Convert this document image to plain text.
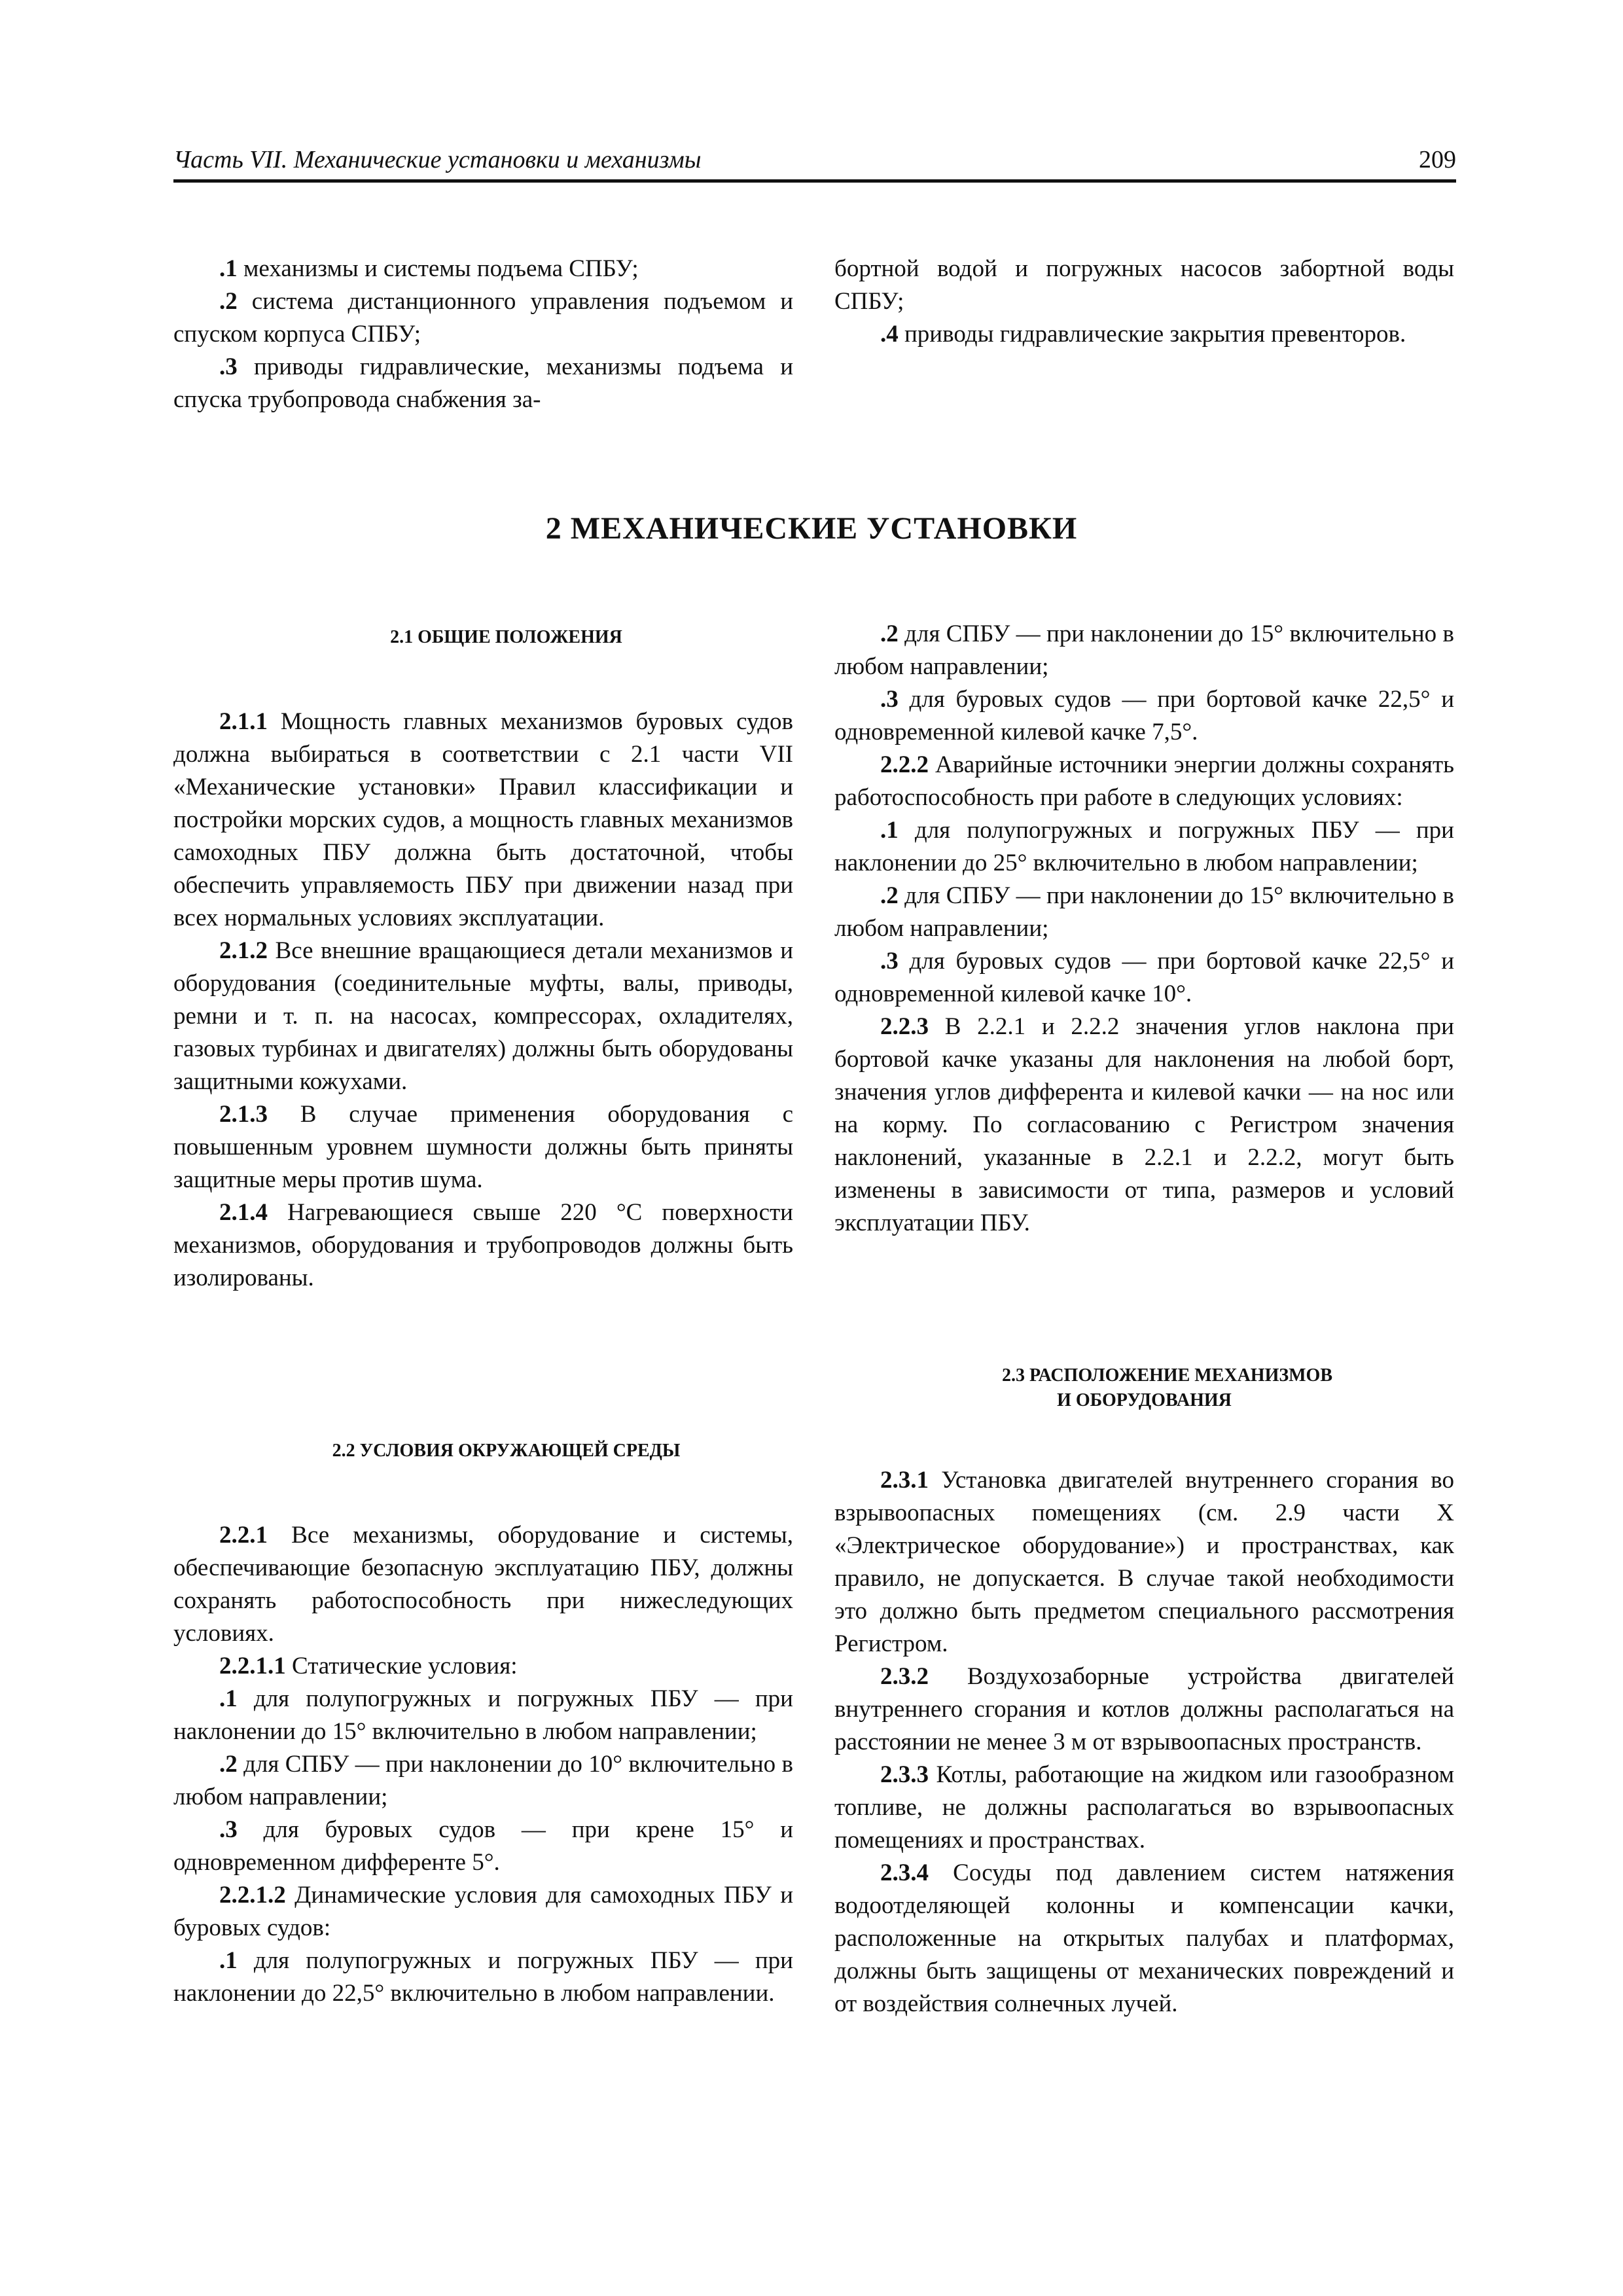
Часть VII. Механические установки и механизмы	209

.1 механизмы и системы подъема СПБУ;

.2 система дистанционного управления подъемом и спуском корпуса СПБУ;

.3 приводы гидравлические, механизмы подъема и спуска трубопровода снабжения за-

бортной водой и погружных насосов забортной воды СПБУ;

.4 приводы гидравлические закрытия превенторов.

2 МЕХАНИЧЕСКИЕ УСТАНОВКИ

2.1 ОБЩИЕ ПОЛОЖЕНИЯ

2.1.1 Мощность главных механизмов буровых судов должна выбираться в соответствии с 2.1 части VII «Механические установки» Правил классификации и постройки морских судов, а мощность главных механизмов самоходных ПБУ должна быть достаточной, чтобы обеспечить управляемость ПБУ при движении назад при всех нормальных условиях эксплуатации.

2.1.2 Все внешние вращающиеся детали механизмов и оборудования (соединительные муфты, валы, приводы, ремни и т. п. на насосах, компрессорах, охладителях, газовых турбинах и двигателях) должны быть оборудованы защитными кожухами.

2.1.3 В случае применения оборудования с повышенным уровнем шумности должны быть приняты защитные меры против шума.

2.1.4 Нагревающиеся свыше 220 °C поверхности механизмов, оборудования и трубопроводов должны быть изолированы.

2.2 УСЛОВИЯ ОКРУЖАЮЩЕЙ СРЕДЫ

2.2.1 Все механизмы, оборудование и системы, обеспечивающие безопасную эксплуатацию ПБУ, должны сохранять работоспособность при нижеследующих условиях.

2.2.1.1 Статические условия:

.1 для полупогружных и погружных ПБУ — при наклонении до 15° включительно в любом направлении;

.2 для СПБУ — при наклонении до 10° включительно в любом направлении;

.3 для буровых судов — при крене 15° и одновременном дифференте 5°.

2.2.1.2 Динамические условия для самоходных ПБУ и буровых судов:

.1 для полупогружных и погружных ПБУ — при наклонении до 22,5° включительно в любом направлении.

.2 для СПБУ — при наклонении до 15° включительно в любом направлении;

.3 для буровых судов — при бортовой качке 22,5° и одновременной килевой качке 7,5°.

2.2.2 Аварийные источники энергии должны сохранять работоспособность при работе в следующих условиях:

.1 для полупогружных и погружных ПБУ — при наклонении до 25° включительно в любом направлении;

.2 для СПБУ — при наклонении до 15° включительно в любом направлении;

.3 для буровых судов — при бортовой качке 22,5° и одновременной килевой качке 10°.

2.2.3 В 2.2.1 и 2.2.2 значения углов наклона при бортовой качке указаны для наклонения на любой борт, значения углов дифферента и килевой качки — на нос или на корму. По согласованию с Регистром значения наклонений, указанные в 2.2.1 и 2.2.2, могут быть изменены в зависимости от типа, размеров и условий эксплуатации ПБУ.

2.3 РАСПОЛОЖЕНИЕ МЕХАНИЗМОВ
И ОБОРУДОВАНИЯ

2.3.1 Установка двигателей внутреннего сгорания во взрывоопасных помещениях (см. 2.9 части X «Электрическое оборудование») и пространствах, как правило, не допускается. В случае такой необходимости это должно быть предметом специального рассмотрения Регистром.

2.3.2 Воздухозаборные устройства двигателей внутреннего сгорания и котлов должны располагаться на расстоянии не менее 3 м от взрывоопасных пространств.

2.3.3 Котлы, работающие на жидком или газообразном топливе, не должны располагаться во взрывоопасных помещениях и пространствах.

2.3.4 Сосуды под давлением систем натяжения водоотделяющей колонны и компенсации качки, расположенные на открытых палубах и платформах, должны быть защищены от механических повреждений и от воздействия солнечных лучей.
